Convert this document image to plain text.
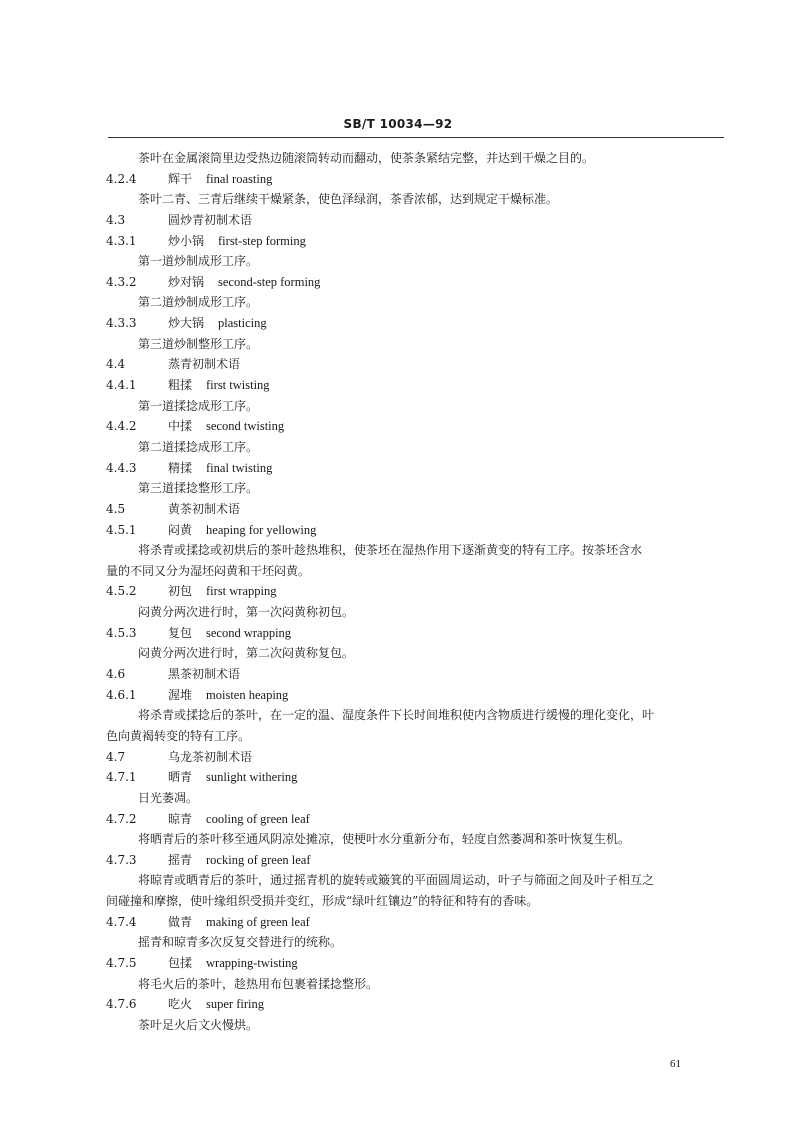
SB/T 10034—92
茶叶在金属滚筒里边受热边随滚筒转动而翻动，使茶条紧结完整，并达到干燥之目的。
4.2.4	辉干 final roasting
茶叶二青、三青后继续干燥紧条，使色泽绿润，茶香浓郁，达到规定干燥标准。
4.3	圆炒青初制术语
4.3.1	炒小锅 first-step forming
第一道炒制成形工序。
4.3.2	炒对锅 second-step forming
第二道炒制成形工序。
4.3.3	炒大锅 plasticing
第三道炒制整形工序。
4.4	蒸青初制术语
4.4.1	粗揉 first twisting
第一道揉捻成形工序。
4.4.2	中揉 second twisting
第二道揉捻成形工序。
4.4.3	精揉 final twisting
第三道揉捻整形工序。
4.5	黄茶初制术语
4.5.1	闷黄 heaping for yellowing
将杀青或揉捻或初烘后的茶叶趁热堆积，使茶坯在湿热作用下逐渐黄变的特有工序。按茶坯含水
量的不同又分为湿坯闷黄和干坯闷黄。
4.5.2	初包 first wrapping
闷黄分两次进行时，第一次闷黄称初包。
4.5.3	复包 second wrapping
闷黄分两次进行时，第二次闷黄称复包。
4.6	黑茶初制术语
4.6.1	渥堆 moisten heaping
将杀青或揉捻后的茶叶，在一定的温、湿度条件下长时间堆积使内含物质进行缓慢的理化变化，叶
色向黄褐转变的特有工序。
4.7	乌龙茶初制术语
4.7.1	晒青 sunlight withering
日光萎凋。
4.7.2	晾青 cooling of green leaf
将晒青后的茶叶移至通风阴凉处摊凉，使梗叶水分重新分布，轻度自然萎凋和茶叶恢复生机。
4.7.3	摇青 rocking of green leaf
将晾青或晒青后的茶叶，通过摇青机的旋转或簸箕的平面圆周运动，叶子与筛面之间及叶子相互之
间碰撞和摩擦，使叶缘组织受损并变红，形成“绿叶红镶边”的特征和特有的香味。
4.7.4	做青 making of green leaf
摇青和晾青多次反复交替进行的统称。
4.7.5	包揉 wrapping-twisting
将毛火后的茶叶，趁热用布包裹着揉捻整形。
4.7.6	吃火 super firing
茶叶足火后文火慢烘。
61
